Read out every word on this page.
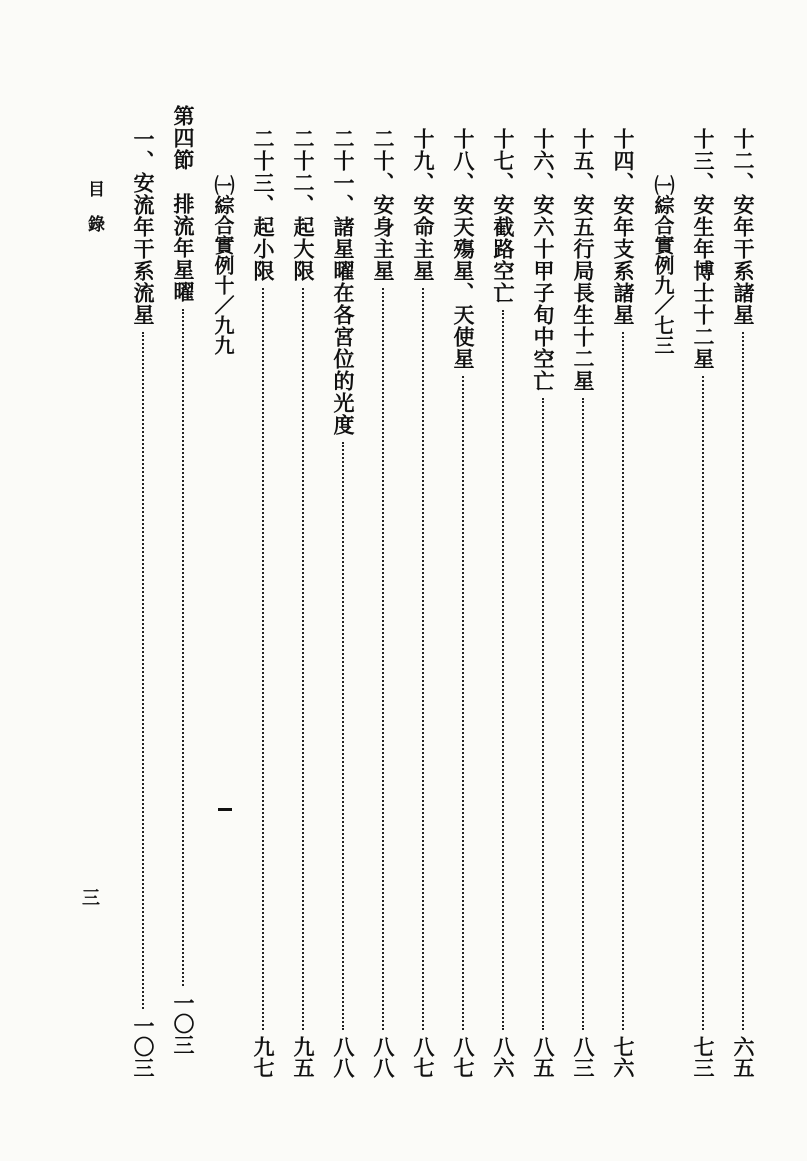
十二、安年干系諸星
六五
十三、安生年博士十二星
七三
㈠綜合實例九／七三
十四、安年支系諸星
七六
十五、安五行局長生十二星
八三
十六、安六十甲子旬中空亡
八五
十七、安截路空亡
八六
十八、安天殤星、天使星
八七
十九、安命主星
八七
二十、安身主星
八八
二十一、諸星曜在各宮位的光度
八八
二十二、起大限
九五
二十三、起小限
九七
㈠綜合實例十／九九
第四節　排流年星曜
一〇三
一、安流年干系流星
一〇三
目錄
三
